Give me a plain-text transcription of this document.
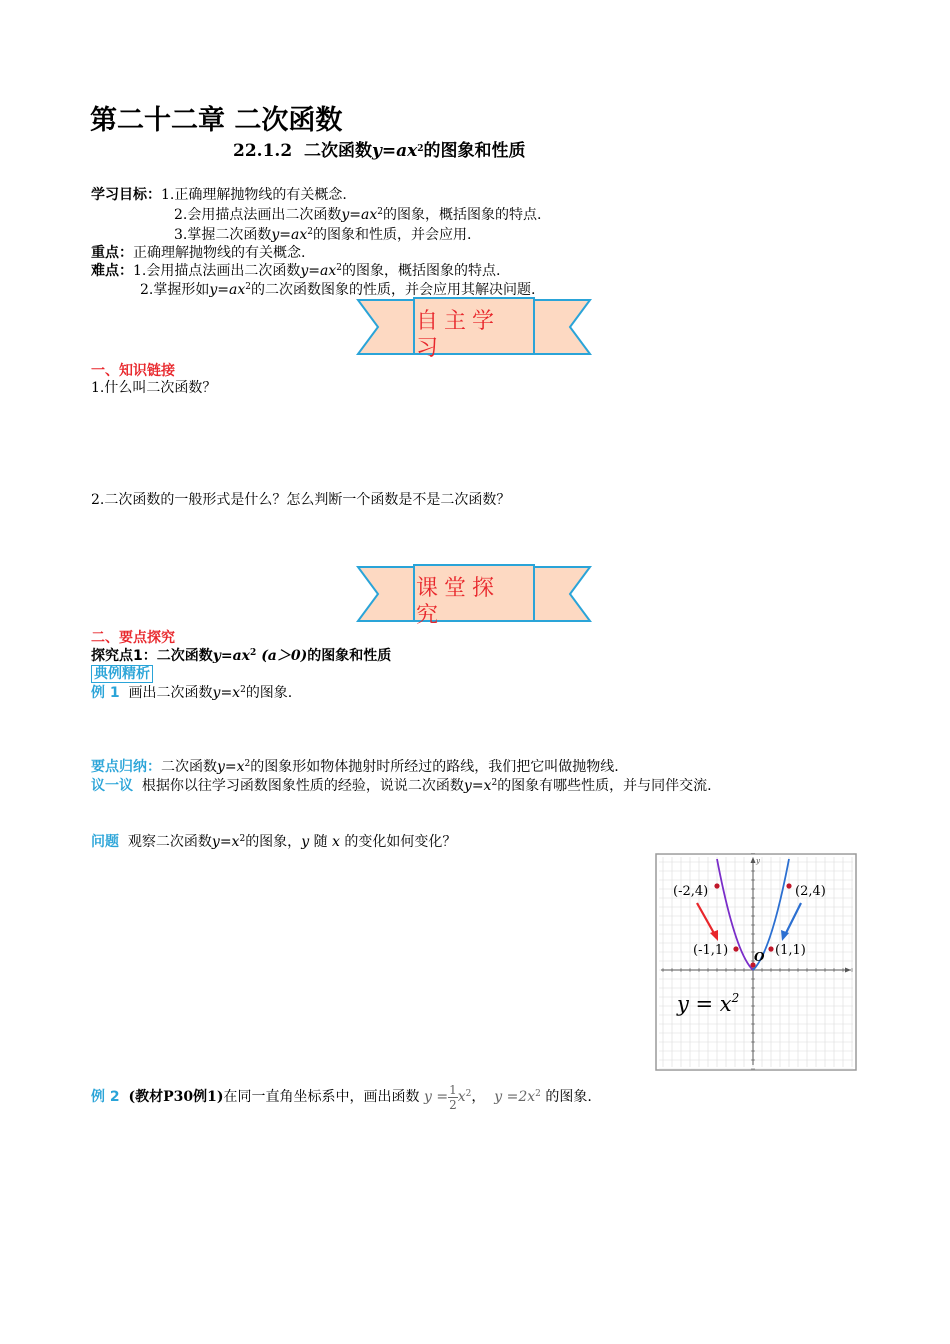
第二十二章 二次函数
22.1.2 二次函数$y=ax^2$的图象和性质
学习目标：1.正确理解抛物线的有关概念.
2.会用描点法画出二次函数$y=ax^2$的图象，概括图象的特点.
3.掌握二次函数$y=ax^2$的图象和性质，并会应用.
重点：正确理解抛物线的有关概念.
难点：1.会用描点法画出二次函数$y=ax^2$的图象，概括图象的特点.
2.掌握形如$y=ax^2$的二次函数图象的性质，并会应用其解决问题.
自主学习
一、知识链接
1.什么叫二次函数？
2.二次函数的一般形式是什么？怎么判断一个函数是不是二次函数？
课堂探究
二、要点探究
探究点1：二次函数$y=ax^2$ (a＞0)的图象和性质
典例精析
例 1 画出二次函数$y=x^2$的图象.
要点归纳：二次函数$y=x^2$的图象形如物体抛射时所经过的路线，我们把它叫做抛物线.
议一议 根据你以往学习函数图象性质的经验，说说二次函数$y=x^2$的图象有哪些性质，并与同伴交流.
问题 观察二次函数$y=x^2$的图象，y 随 x 的变化如何变化？
(-2,4)	(2,4)
(-1,1)	(1,1)
O
y
$y = x^2$
例 2 (教材P30例1)在同一直角坐标系中，画出函数 $y = \frac{1}{2} x^2$， $y =2x^2$ 的图象.
